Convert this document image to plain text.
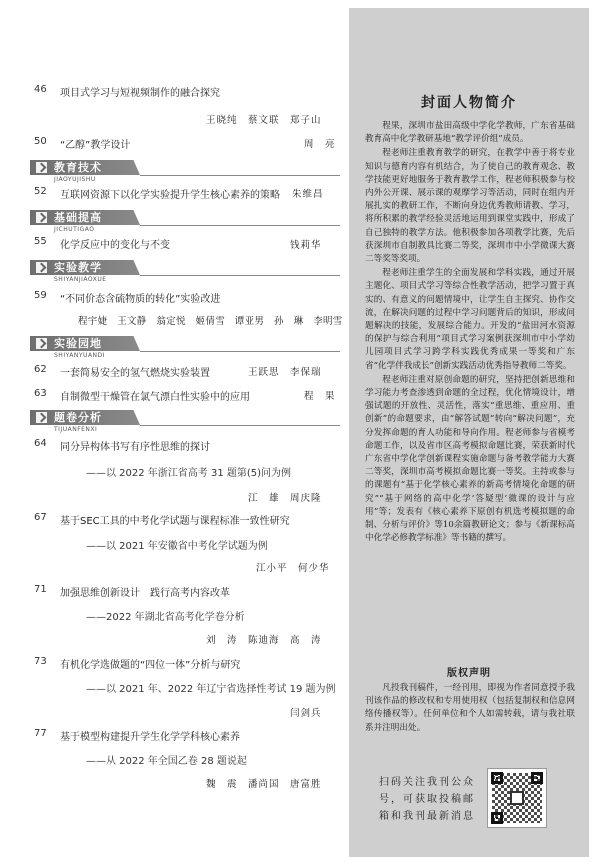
46 项目式学习与短视频制作的融合探究
王晓纯　蔡文联　郑子山
50 “乙醇”教学设计	周　亮
教育技术
JIAOYUJISHU
52 互联网资源下以化学实验提升学生核心素养的策略 朱维昌
基础提高
JICHUTIGAO
55 化学反应中的变化与不变	钱莉华
实验教学
SHIYANJIAOXUE
59 “不同价态含硫物质的转化”实验改进
程宇婕　王文静　翁定悦　姬倩雪　谭亚男　孙　琳　李明雪
实验园地
SHIYANYUANDI
62 一套简易安全的氢气燃烧实验装置	王跃思　李保瑞
63 自制微型干燥管在氯气漂白性实验中的应用	程　果
题卷分析
TIJUANFENXI
64 同分异构体书写有序性思维的探讨
——以 2022 年浙江省高考 31 题第(5)问为例
江　雄　周庆隆
67 基于SEC工具的中考化学试题与课程标准一致性研究
——以 2021 年安徽省中考化学试题为例
江小平　何少华
71 加强思维创新设计　践行高考内容改革
——2022 年湖北省高考化学卷分析
刘　涛　陈迪海　高　涛
73 有机化学选做题的“四位一体”分析与研究
——以 2021 年、2022 年辽宁省选择性考试 19 题为例
闫剑兵
77 基于模型构建提升学生化学学科核心素养
——从 2022 年全国乙卷 28 题说起
魏　震　潘尚国　唐富胜
封面人物简介

程果，深圳市盐田高级中学化学教师，广东省基础教育高中化学教研基地“教学评价组”成员。

程老师注重教育教学的研究，在教学中善于将专业知识与德育内容有机结合，为了使自己的教育观念、教学技能更好地服务于教育教学工作，程老师积极参与校内外公开课、展示课的观摩学习等活动，同时在组内开展扎实的教研工作，不断向身边优秀教师请教、学习，将所积累的教学经验灵活地运用到课堂实践中，形成了自己独特的教学方法。他积极参加各项教学比赛，先后获深圳市自制教具比赛二等奖，深圳市中小学微课大赛二等奖等奖项。

程老师注重学生的全面发展和学科实践，通过开展主题化、项目式学习等综合性教学活动，把学习置于真实的、有意义的问题情境中，让学生自主探究、协作交流，在解决问题的过程中学习问题背后的知识，形成问题解决的技能，发展综合能力。开发的“盐田河水资源的保护与综合利用”项目式学习案例获深圳市中小学幼儿园项目式学习跨学科实践优秀成果一等奖和广东省“化学伴我成长”创新实践活动优秀指导教师二等奖。

程老师注重对原创命题的研究，坚持把创新思维和学习能力考查渗透到命题的全过程，优化情境设计，增强试题的开放性、灵活性，落实“重思维、重应用、重创新”的命题要求，由“解答试题”转向“解决问题”，充分发挥命题的育人功能和导向作用。程老师参与省模考命题工作，以及省市区高考模拟命题比赛，荣获新时代广东省中学化学创新课程实施命题与备考教学能力大赛二等奖，深圳市高考模拟命题比赛一等奖。主持或参与的课题有“基于化学核心素养的新高考情境化命题的研究”“基于网络的高中化学‘答疑型’微课的设计与应用”等；发表有《核心素养下原创有机选考模拟题的命制、分析与评价》等10余篇教研论文；参与《新课标高中化学必修教学标准》等书籍的撰写。

版权声明
凡投我刊稿件，一经刊用，即视为作者同意授予我刊该作品的修改权和专用使用权（包括复制权和信息网络传播权等）。任何单位和个人如需转载，请与我社联系并注明出处。
扫码关注我刊公众号，可获取投稿邮箱和我刊最新消息
